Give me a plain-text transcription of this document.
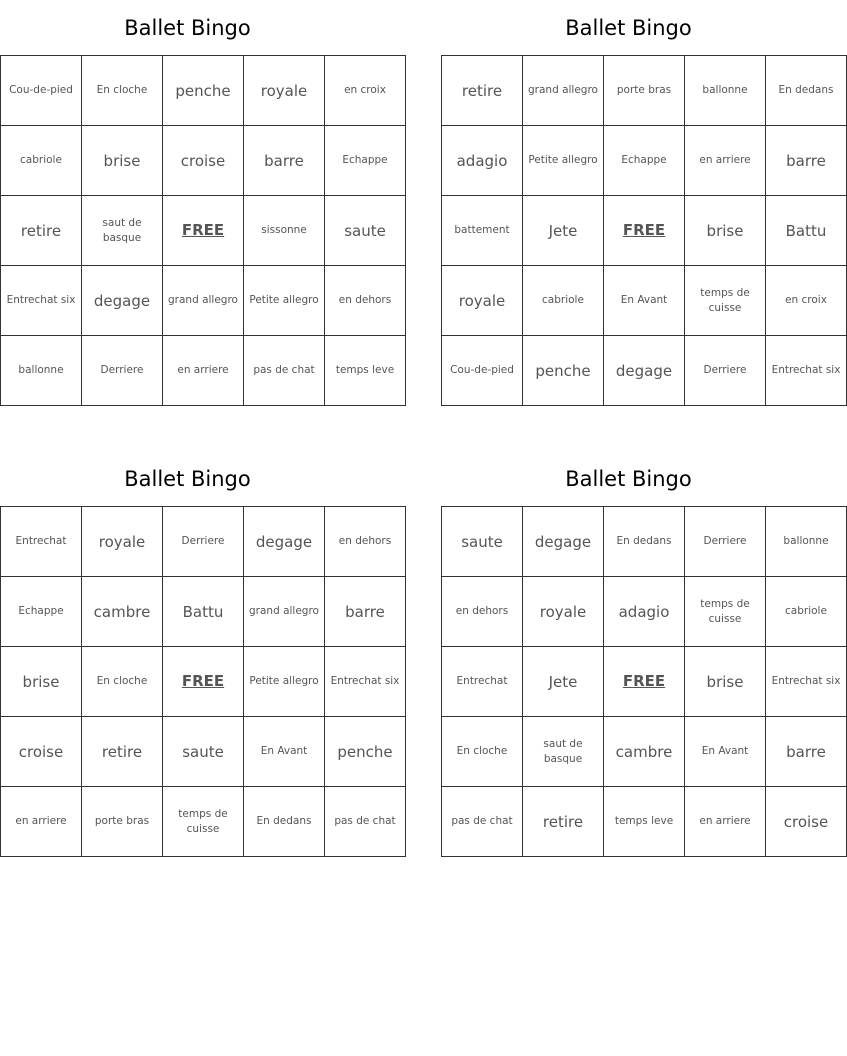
Ballet Bingo
Cou-de-pied	En cloche	penche	royale	en croix
cabriole	brise	croise	barre	Echappe
retire	saut de basque	FREE	sissonne	saute
Entrechat six	degage	grand allegro	Petite allegro	en dehors
ballonne	Derriere	en arriere	pas de chat	temps leve
Ballet Bingo
retire	grand allegro	porte bras	ballonne	En dedans
adagio	Petite allegro	Echappe	en arriere	barre
battement	Jete	FREE	brise	Battu
royale	cabriole	En Avant	temps de cuisse	en croix
Cou-de-pied	penche	degage	Derriere	Entrechat six
Ballet Bingo
Entrechat	royale	Derriere	degage	en dehors
Echappe	cambre	Battu	grand allegro	barre
brise	En cloche	FREE	Petite allegro	Entrechat six
croise	retire	saute	En Avant	penche
en arriere	porte bras	temps de cuisse	En dedans	pas de chat
Ballet Bingo
saute	degage	En dedans	Derriere	ballonne
en dehors	royale	adagio	temps de cuisse	cabriole
Entrechat	Jete	FREE	brise	Entrechat six
En cloche	saut de basque	cambre	En Avant	barre
pas de chat	retire	temps leve	en arriere	croise
